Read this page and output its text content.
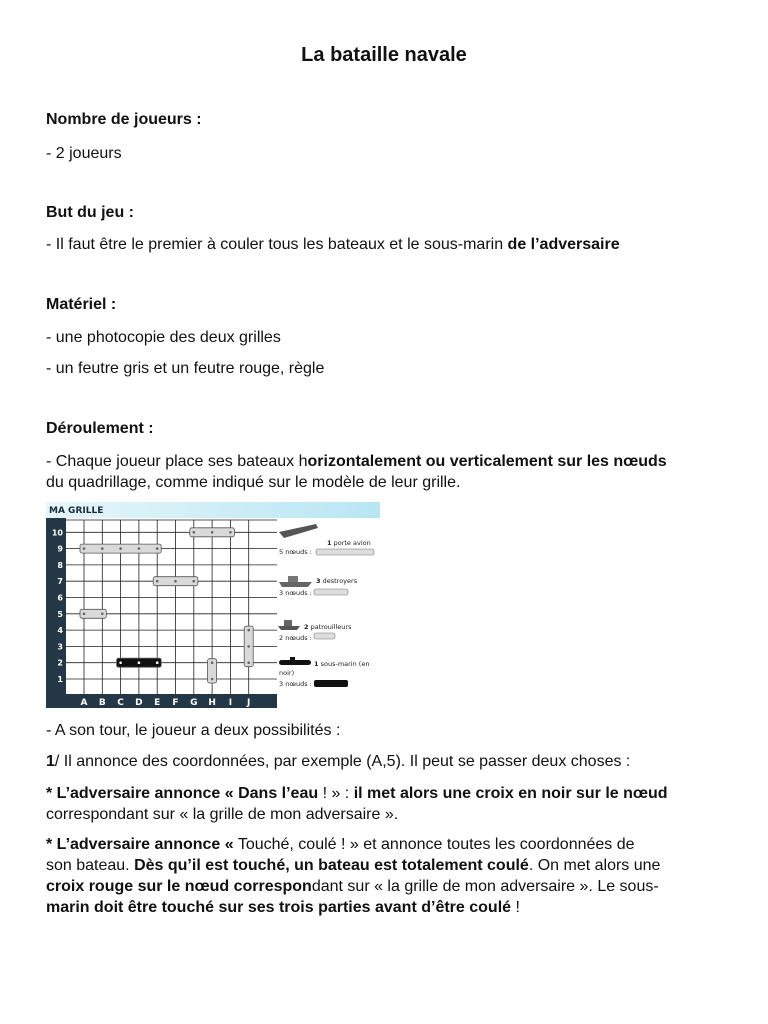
La bataille navale
Nombre de joueurs :
- 2 joueurs
But du jeu :
- Il faut être le premier à couler tous les bateaux et le sous-marin de l’adversaire
Matériel :
- une photocopie des deux grilles
- un feutre gris et un feutre rouge, règle
Déroulement :
- Chaque joueur place ses bateaux horizontalement ou verticalement sur les nœuds
du quadrillage, comme indiqué sur le modèle de leur grille.
- A son tour, le joueur a deux possibilités :
1/ Il annonce des coordonnées, par exemple (A,5). Il peut se passer deux choses :
* L’adversaire annonce « Dans l’eau ! » : il met alors une croix en noir sur le nœud
correspondant sur « la grille de mon adversaire ».
* L’adversaire annonce « Touché, coulé ! » et annonce toutes les coordonnées de
son bateau. Dès qu’il est touché, un bateau est totalement coulé. On met alors une
croix rouge sur le nœud correspondant sur « la grille de mon adversaire ». Le sous-
marin doit être touché sur ses trois parties avant d’être coulé !
MA GRILLE
10
9
8
7
6
5
4
3
2
1
A B C D E F G H I J
1 porte avion
5 nœuds :
3 destroyers
3 nœuds :
2 patrouilleurs
2 nœuds :
1 sous-marin (en
noir)
3 nœuds :
